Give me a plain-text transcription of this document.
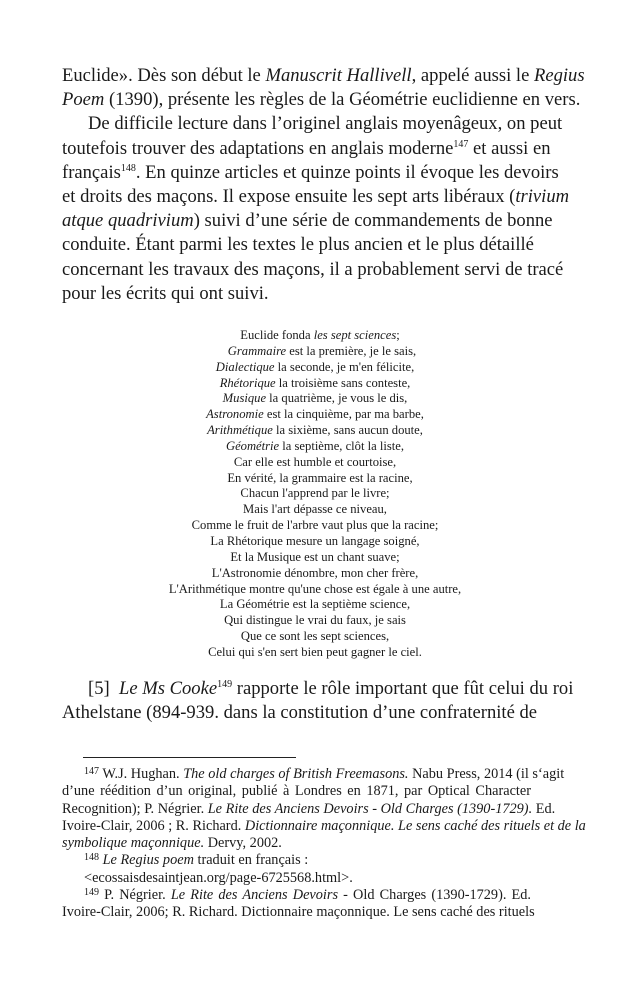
Euclide». Dès son début le Manuscrit Hallivell, appelé aussi le Regius
Poem (1390), présente les règles de la Géométrie euclidienne en vers.
De difficile lecture dans l’originel anglais moyenâgeux, on peut
toutefois trouver des adaptations en anglais moderne$^{147}$ et aussi en
français$^{148}$. En quinze articles et quinze points il évoque les devoirs
et droits des maçons. Il expose ensuite les sept arts libéraux (trivium
atque quadrivium) suivi d’une série de commandements de bonne
conduite. Étant parmi les textes le plus ancien et le plus détaillé
concernant les travaux des maçons, il a probablement servi de tracé
pour les écrits qui ont suivi.
Euclide fonda les sept sciences;
Grammaire est la première, je le sais,
Dialectique la seconde, je m'en félicite,
Rhétorique la troisième sans conteste,
Musique la quatrième, je vous le dis,
Astronomie est la cinquième, par ma barbe,
Arithmétique la sixième, sans aucun doute,
Géométrie la septième, clôt la liste,
Car elle est humble et courtoise,
En vérité, la grammaire est la racine,
Chacun l'apprend par le livre;
Mais l'art dépasse ce niveau,
Comme le fruit de l'arbre vaut plus que la racine;
La Rhétorique mesure un langage soigné,
Et la Musique est un chant suave;
L'Astronomie dénombre, mon cher frère,
L'Arithmétique montre qu'une chose est égale à une autre,
La Géométrie est la septième science,
Qui distingue le vrai du faux, je sais
Que ce sont les sept sciences,
Celui qui s'en sert bien peut gagner le ciel.
[5] Le Ms Cooke$^{149}$ rapporte le rôle important que fût celui du roi
Athelstane (894-939. dans la constitution d’une confraternité de
$^{147}$ W.J. Hughan. The old charges of British Freemasons. Nabu Press, 2014 (il s‘agit
d’une réédition d’un original, publié à Londres en 1871, par Optical Character
Recognition); P. Négrier. Le Rite des Anciens Devoirs - Old Charges (1390-1729). Ed.
Ivoire-Clair, 2006 ; R. Richard. Dictionnaire maçonnique. Le sens caché des rituels et de la
symbolique maçonnique. Dervy, 2002.
$^{148}$ Le Regius poem traduit en français :
<ecossaisdesaintjean.org/page-6725568.html>.
$^{149}$ P. Négrier. Le Rite des Anciens Devoirs - Old Charges (1390-1729). Ed.
Ivoire-Clair, 2006; R. Richard. Dictionnaire maçonnique. Le sens caché des rituels
